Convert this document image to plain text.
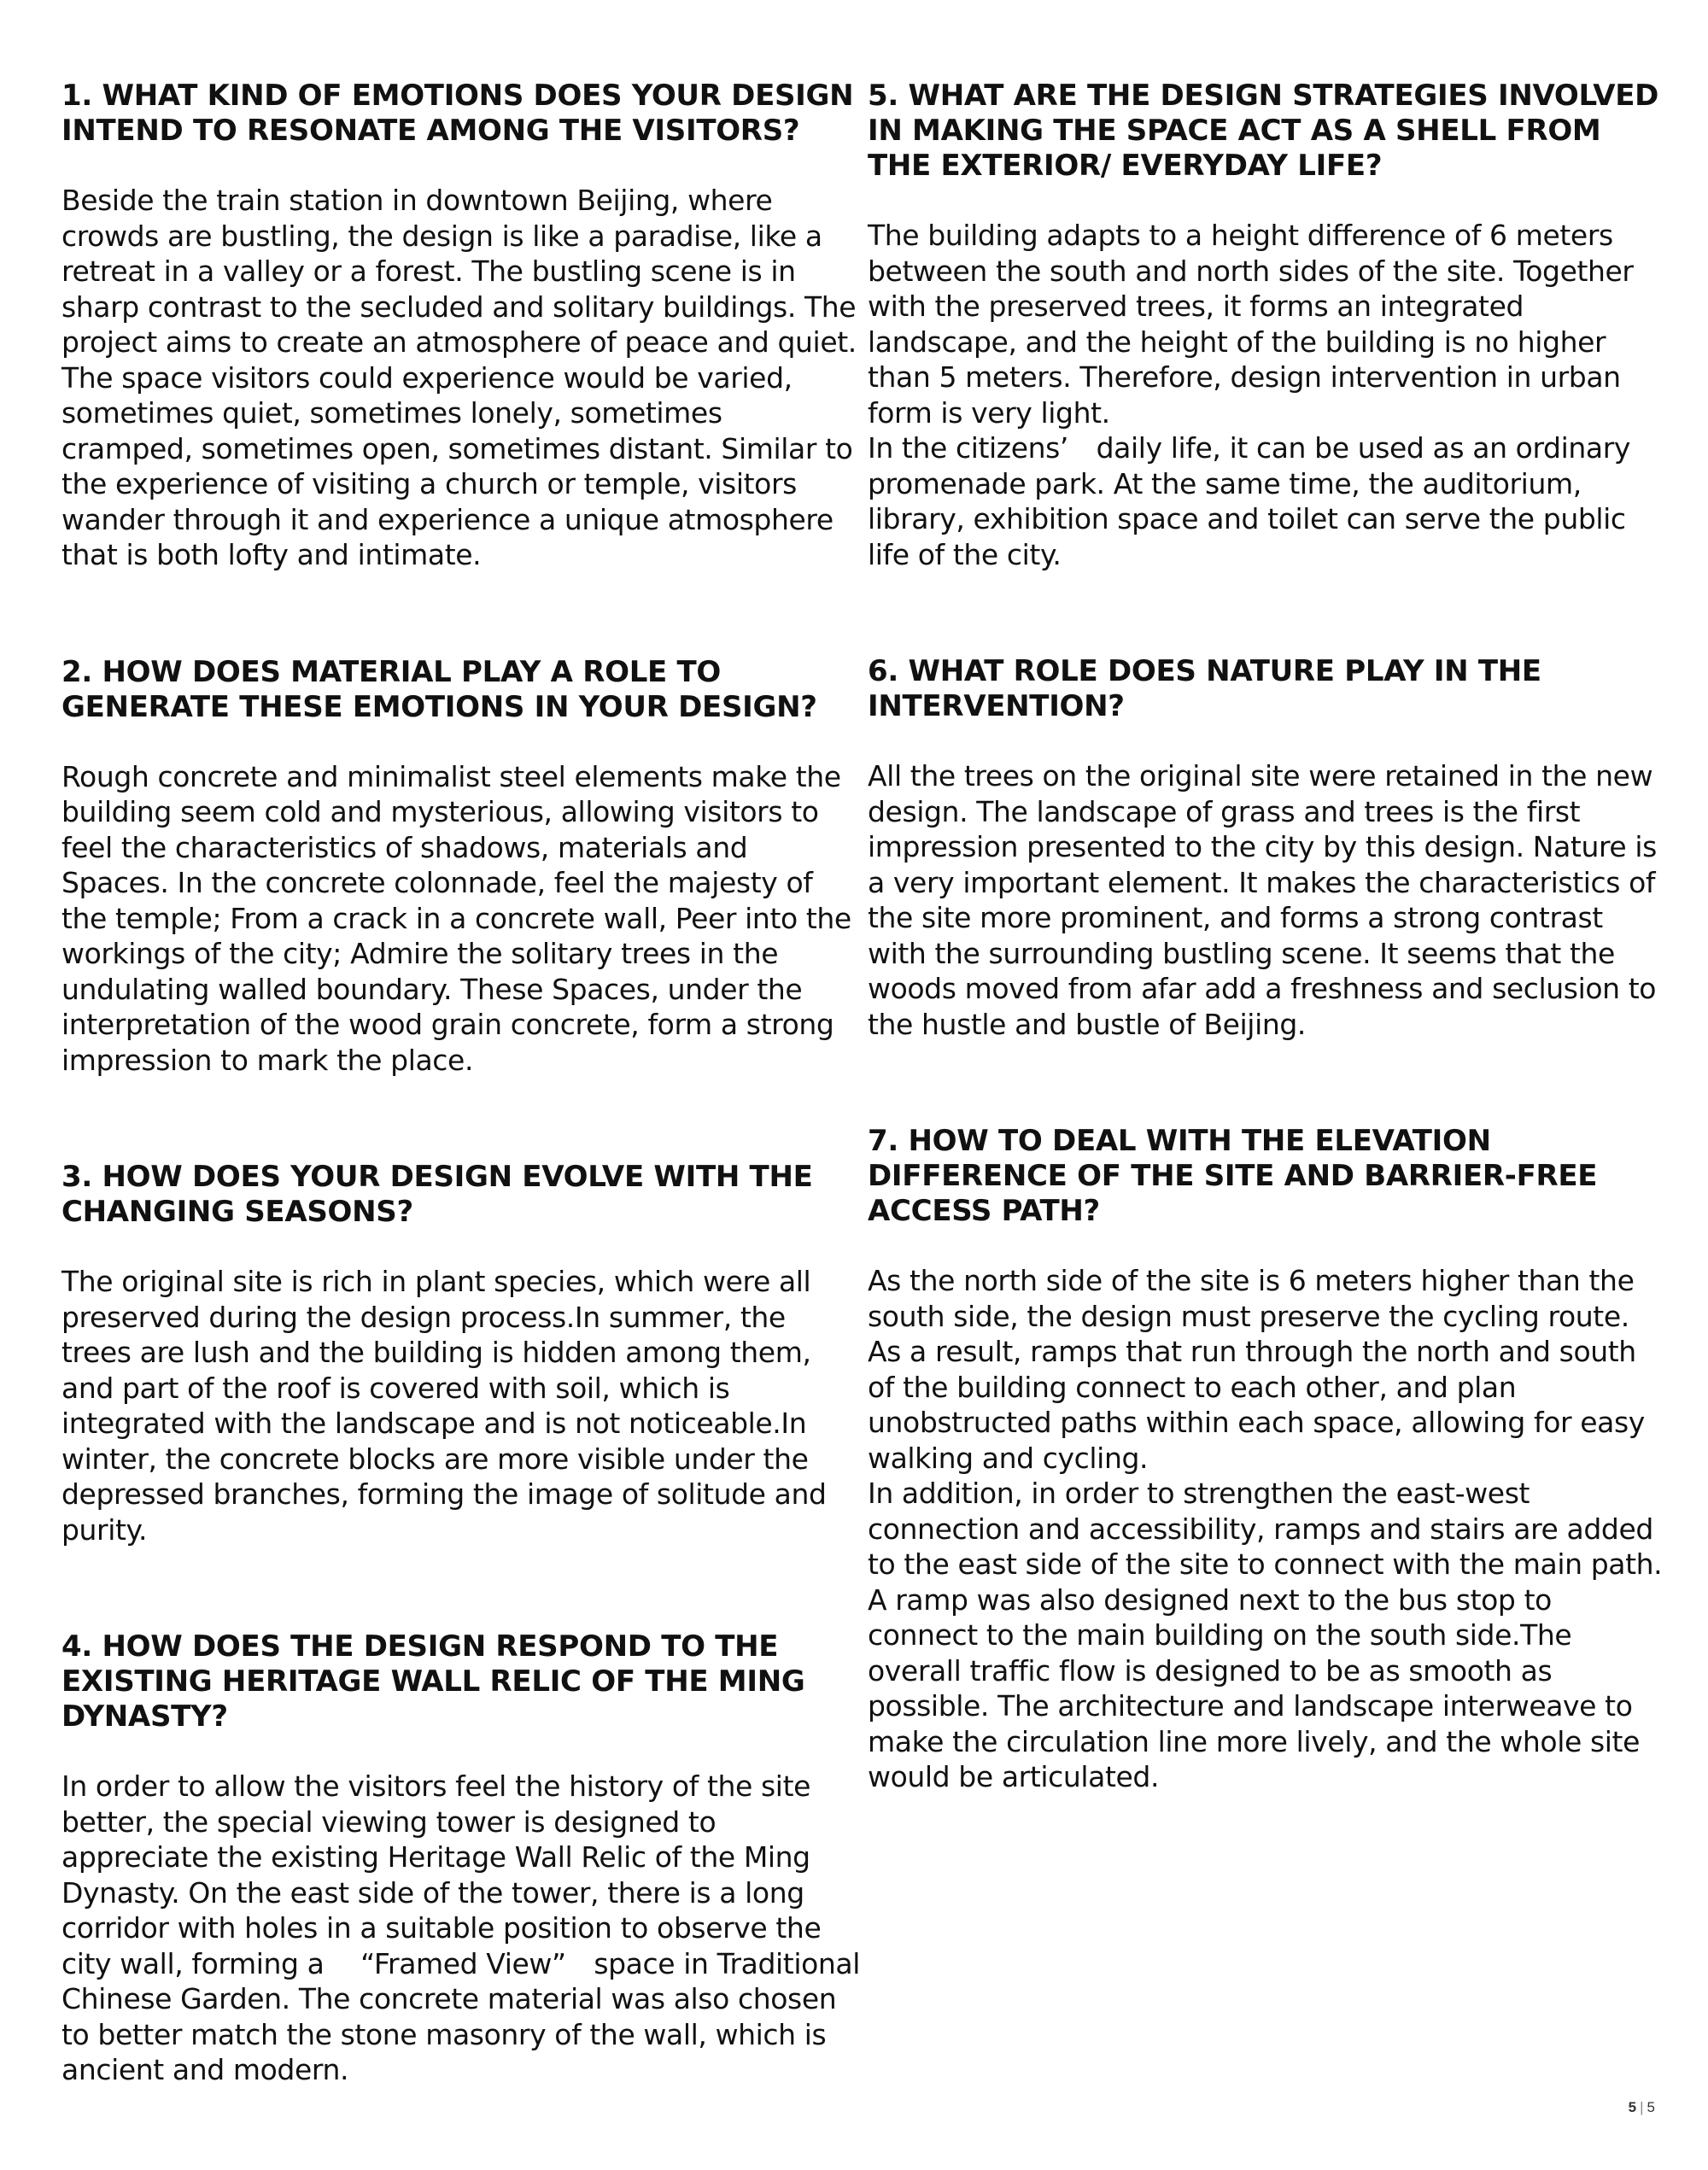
1. WHAT KIND OF EMOTIONS DOES YOUR DESIGN INTEND TO RESONATE AMONG THE VISITORS?

Beside the train station in downtown Beijing, where crowds are bustling, the design is like a paradise, like a retreat in a valley or a forest. The bustling scene is in sharp contrast to the secluded and solitary buildings. The project aims to create an atmosphere of peace and quiet. The space visitors could experience would be varied, sometimes quiet, sometimes lonely, sometimes cramped, sometimes open, sometimes distant. Similar to the experience of visiting a church or temple, visitors wander through it and experience a unique atmosphere that is both lofty and intimate.

2. HOW DOES MATERIAL PLAY A ROLE TO GENERATE THESE EMOTIONS IN YOUR DESIGN?

Rough concrete and minimalist steel elements make the building seem cold and mysterious, allowing visitors to feel the characteristics of shadows, materials and Spaces. In the concrete colonnade, feel the majesty of the temple; From a crack in a concrete wall, Peer into the workings of the city; Admire the solitary trees in the undulating walled boundary. These Spaces, under the interpretation of the wood grain concrete, form a strong impression to mark the place.

3. HOW DOES YOUR DESIGN EVOLVE WITH THE CHANGING SEASONS?

The original site is rich in plant species, which were all preserved during the design process.In summer, the trees are lush and the building is hidden among them, and part of the roof is covered with soil, which is integrated with the landscape and is not noticeable.In winter, the concrete blocks are more visible under the depressed branches, forming the image of solitude and purity.

4. HOW DOES THE DESIGN RESPOND TO THE EXISTING HERITAGE WALL RELIC OF THE MING DYNASTY?

In order to allow the visitors feel the history of the site better, the special viewing tower is designed to appreciate the existing Heritage Wall Relic of the Ming Dynasty. On the east side of the tower, there is a long corridor with holes in a suitable position to observe the city wall, forming a 　“Framed View”　space in Traditional Chinese Garden. The concrete material was also chosen to better match the stone masonry of the wall, which is ancient and modern.

5. WHAT ARE THE DESIGN STRATEGIES INVOLVED IN MAKING THE SPACE ACT AS A SHELL FROM THE EXTERIOR/ EVERYDAY LIFE?

The building adapts to a height difference of 6 meters between the south and north sides of the site. Together with the preserved trees, it forms an integrated landscape, and the height of the building is no higher than 5 meters. Therefore, design intervention in urban form is very light.

In the citizens’　daily life, it can be used as an ordinary promenade park. At the same time, the auditorium, library, exhibition space and toilet can serve the public life of the city.

6. WHAT ROLE DOES NATURE PLAY IN THE INTERVENTION?

All the trees on the original site were retained in the new design. The landscape of grass and trees is the first impression presented to the city by this design. Nature is a very important element. It makes the characteristics of the site more prominent, and forms a strong contrast with the surrounding bustling scene. It seems that the woods moved from afar add a freshness and seclusion to the hustle and bustle of Beijing.

7. HOW TO DEAL WITH THE ELEVATION DIFFERENCE OF THE SITE AND BARRIER-FREE ACCESS PATH?

As the north side of the site is 6 meters higher than the south side, the design must preserve the cycling route. As a result, ramps that run through the north and south of the building connect to each other, and plan unobstructed paths within each space, allowing for easy walking and cycling.

In addition, in order to strengthen the east-west connection and accessibility, ramps and stairs are added to the east side of the site to connect with the main path. A ramp was also designed next to the bus stop to connect to the main building on the south side.The overall traffic flow is designed to be as smooth as possible. The architecture and landscape interweave to make the circulation line more lively, and the whole site would be articulated.

5 | 5
